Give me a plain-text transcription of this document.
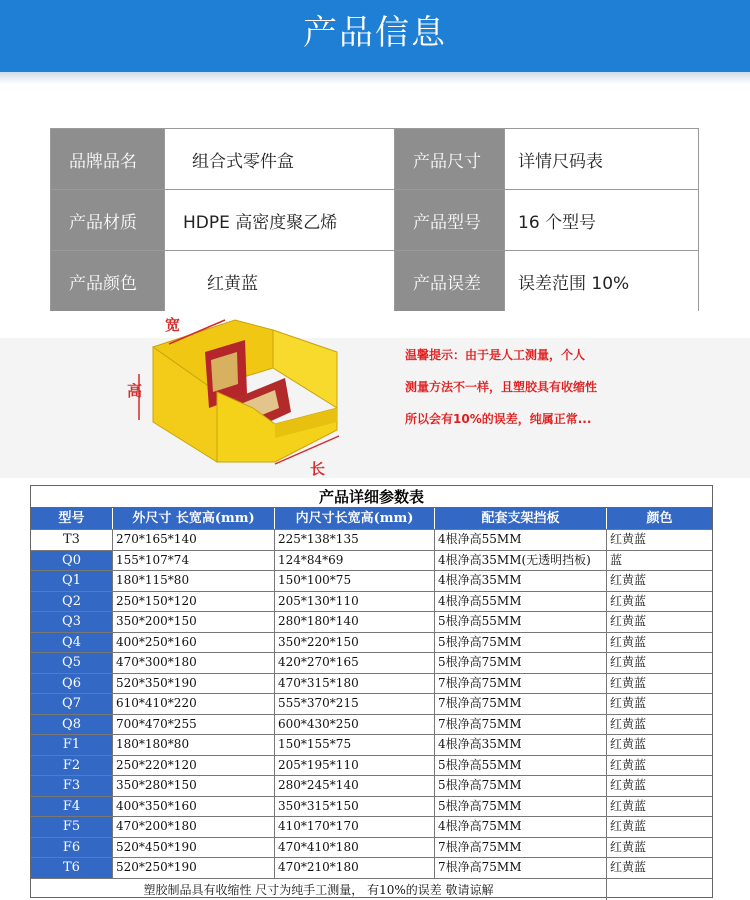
产品信息
品牌品名	组合式零件盒	产品尺寸	详情尺码表
产品材质	HDPE 高密度聚乙烯	产品型号	16 个型号
产品颜色	红黄蓝	产品误差	误差范围 10%
宽
高
长
温馨提示：由于是人工测量，个人
测量方法不一样，且塑胶具有收缩性
所以会有10%的误差，纯属正常...
产品详细参数表
型号	外尺寸 长宽高(mm)	内尺寸长宽高(mm)	配套支架挡板	颜色
T3	270*165*140	225*138*135	4根净高55MM	红黄蓝
Q0	155*107*74	124*84*69	4根净高35MM(无透明挡板)	蓝
Q1	180*115*80	150*100*75	4根净高35MM	红黄蓝
Q2	250*150*120	205*130*110	4根净高55MM	红黄蓝
Q3	350*200*150	280*180*140	5根净高55MM	红黄蓝
Q4	400*250*160	350*220*150	5根净高75MM	红黄蓝
Q5	470*300*180	420*270*165	5根净高75MM	红黄蓝
Q6	520*350*190	470*315*180	7根净高75MM	红黄蓝
Q7	610*410*220	555*370*215	7根净高75MM	红黄蓝
Q8	700*470*255	600*430*250	7根净高75MM	红黄蓝
F1	180*180*80	150*155*75	4根净高35MM	红黄蓝
F2	250*220*120	205*195*110	5根净高55MM	红黄蓝
F3	350*280*150	280*245*140	5根净高75MM	红黄蓝
F4	400*350*160	350*315*150	5根净高75MM	红黄蓝
F5	470*200*180	410*170*170	4根净高75MM	红黄蓝
F6	520*450*190	470*410*180	7根净高75MM	红黄蓝
T6	520*250*190	470*210*180	7根净高75MM	红黄蓝
塑胶制品具有收缩性 尺寸为纯手工测量， 有10%的误差 敬请谅解
